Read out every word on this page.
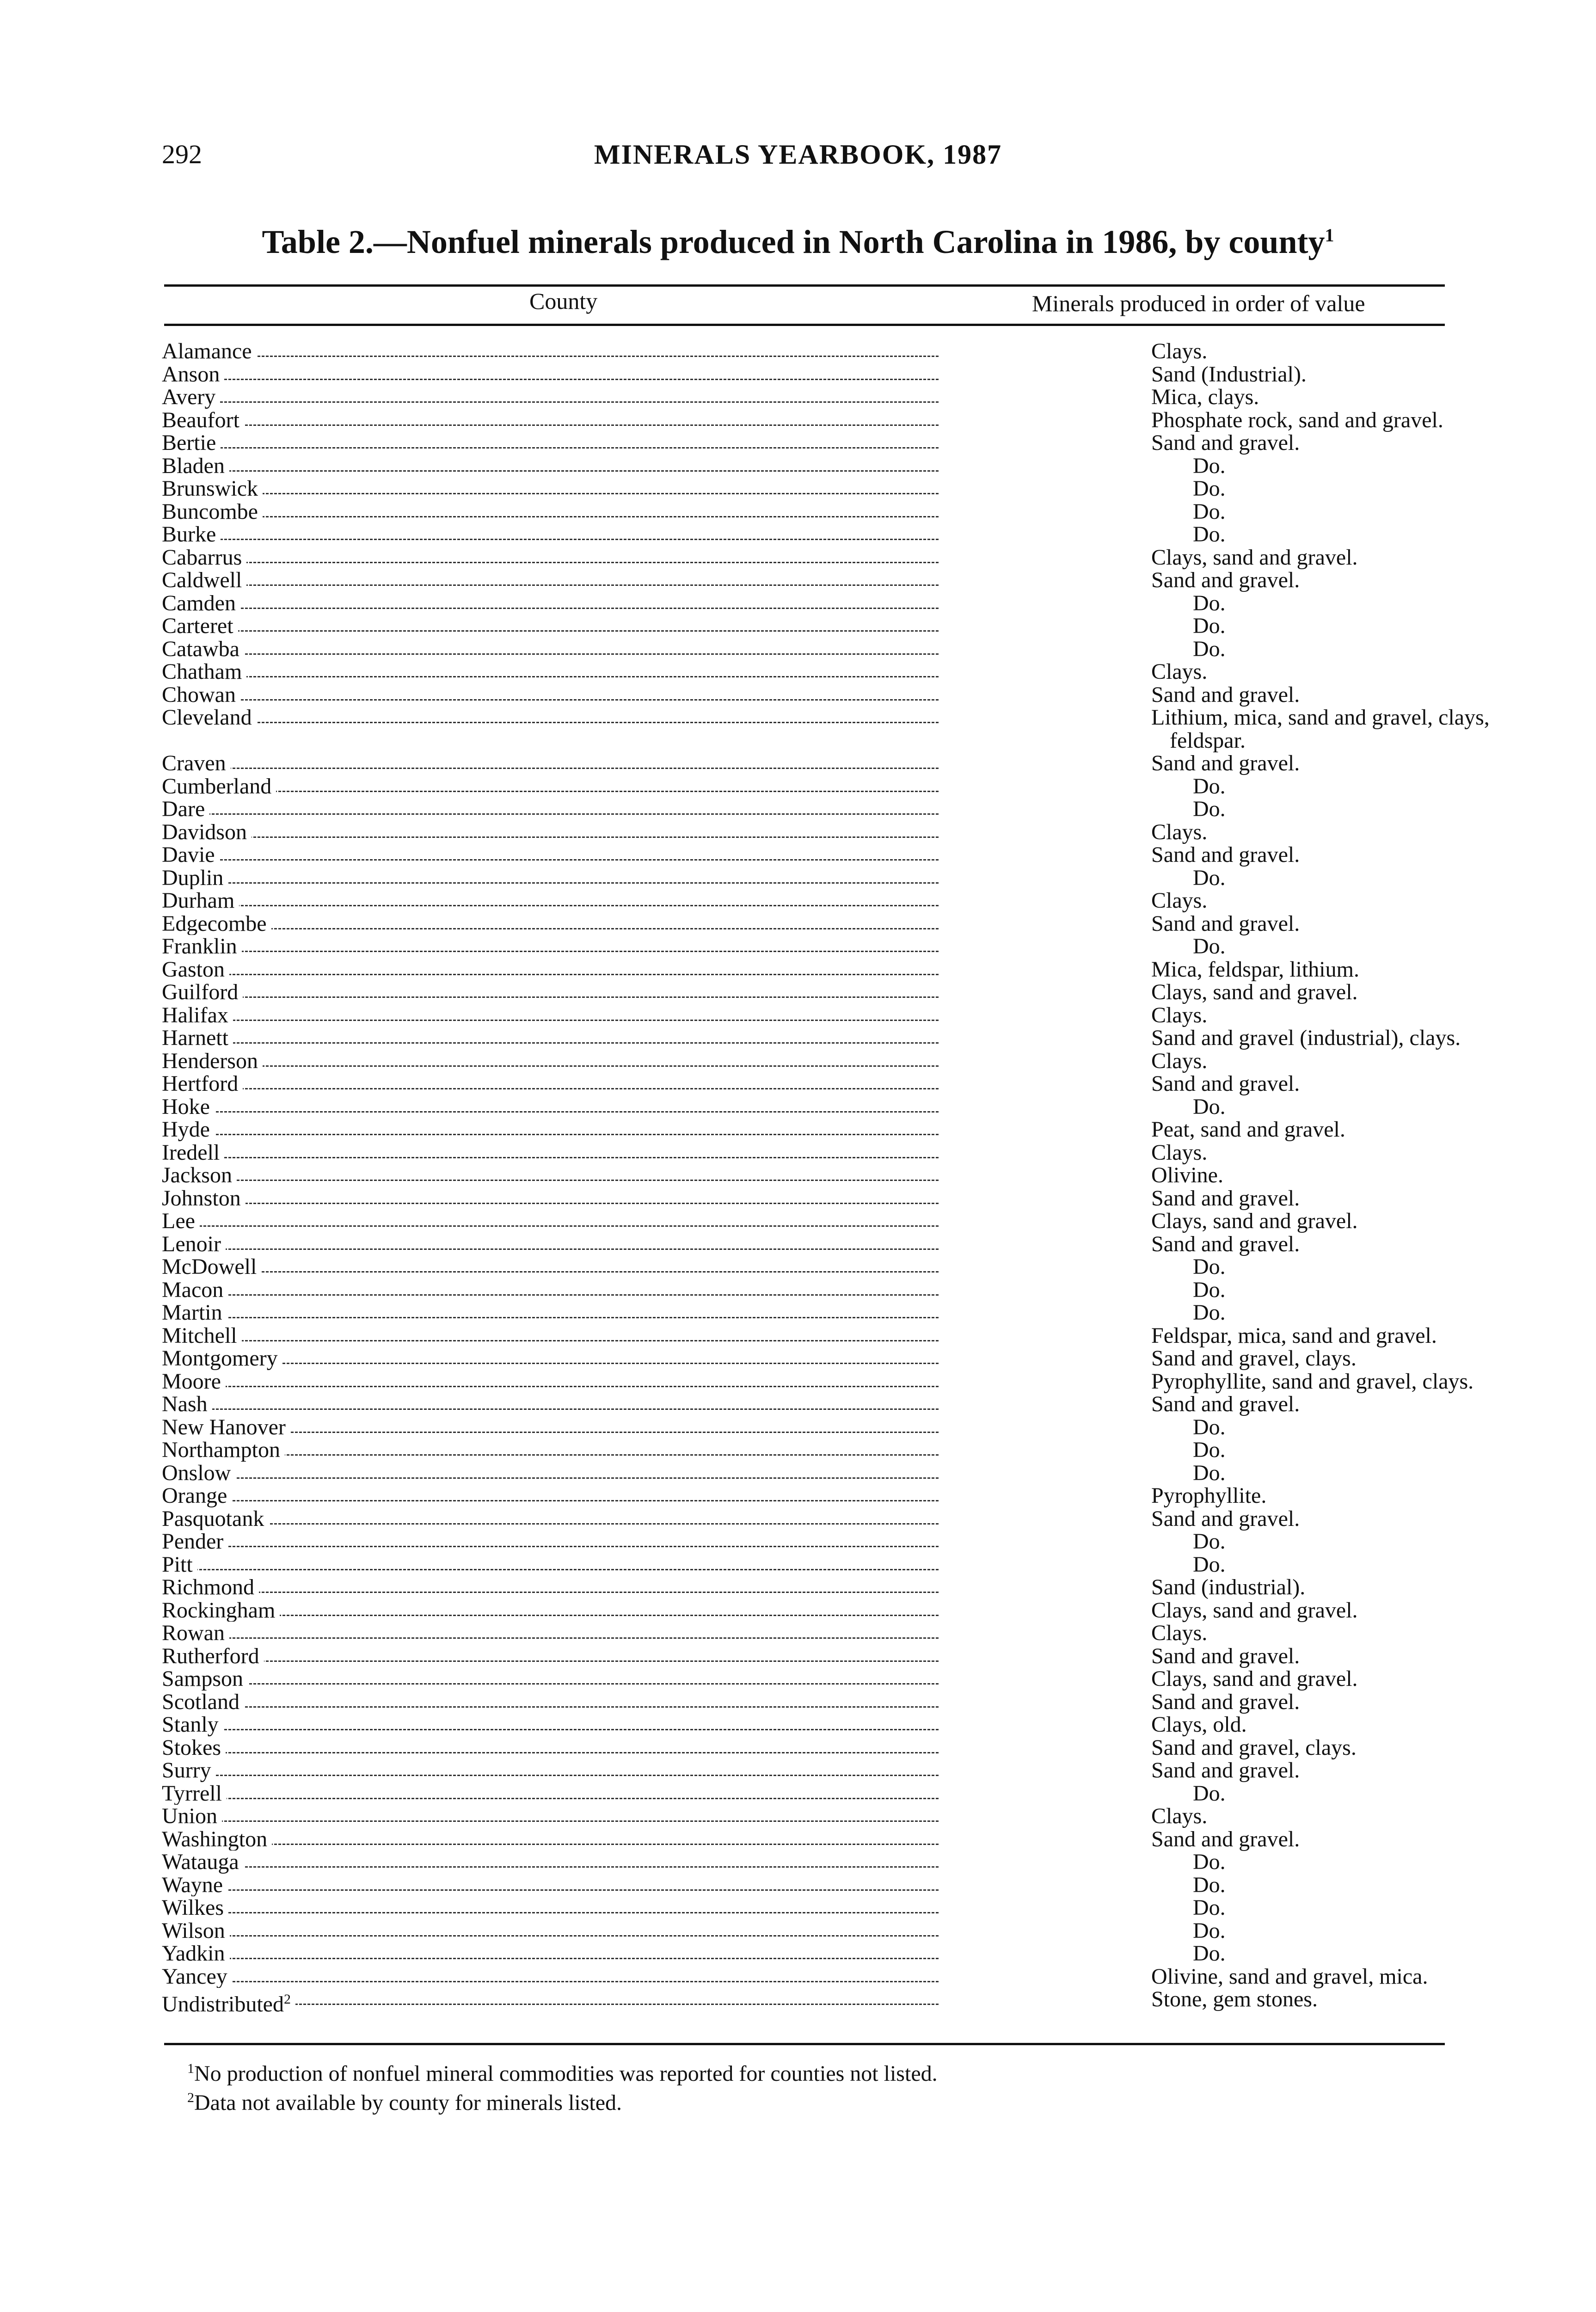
292	MINERALS YEARBOOK, 1987
Table 2.—Nonfuel minerals produced in North Carolina in 1986, by county$^1$
County	Minerals produced in order of value
Alamance	Clays.
Anson	Sand (Industrial).
Avery	Mica, clays.
Beaufort	Phosphate rock, sand and gravel.
Bertie	Sand and gravel.
Bladen	Do.
Brunswick	Do.
Buncombe	Do.
Burke	Do.
Cabarrus	Clays, sand and gravel.
Caldwell	Sand and gravel.
Camden	Do.
Carteret	Do.
Catawba	Do.
Chatham	Clays.
Chowan	Sand and gravel.
Cleveland	Lithium, mica, sand and gravel, clays,
feldspar.
Craven	Sand and gravel.
Cumberland	Do.
Dare	Do.
Davidson	Clays.
Davie	Sand and gravel.
Duplin	Do.
Durham	Clays.
Edgecombe	Sand and gravel.
Franklin	Do.
Gaston	Mica, feldspar, lithium.
Guilford	Clays, sand and gravel.
Halifax	Clays.
Harnett	Sand and gravel (industrial), clays.
Henderson	Clays.
Hertford	Sand and gravel.
Hoke	Do.
Hyde	Peat, sand and gravel.
Iredell	Clays.
Jackson	Olivine.
Johnston	Sand and gravel.
Lee	Clays, sand and gravel.
Lenoir	Sand and gravel.
McDowell	Do.
Macon	Do.
Martin	Do.
Mitchell	Feldspar, mica, sand and gravel.
Montgomery	Sand and gravel, clays.
Moore	Pyrophyllite, sand and gravel, clays.
Nash	Sand and gravel.
New Hanover	Do.
Northampton	Do.
Onslow	Do.
Orange	Pyrophyllite.
Pasquotank	Sand and gravel.
Pender	Do.
Pitt	Do.
Richmond	Sand (industrial).
Rockingham	Clays, sand and gravel.
Rowan	Clays.
Rutherford	Sand and gravel.
Sampson	Clays, sand and gravel.
Scotland	Sand and gravel.
Stanly	Clays, old.
Stokes	Sand and gravel, clays.
Surry	Sand and gravel.
Tyrrell	Do.
Union	Clays.
Washington	Sand and gravel.
Watauga	Do.
Wayne	Do.
Wilkes	Do.
Wilson	Do.
Yadkin	Do.
Yancey	Olivine, sand and gravel, mica.
Undistributed$^2$	Stone, gem stones.
$^1$No production of nonfuel mineral commodities was reported for counties not listed.
$^2$Data not available by county for minerals listed.
